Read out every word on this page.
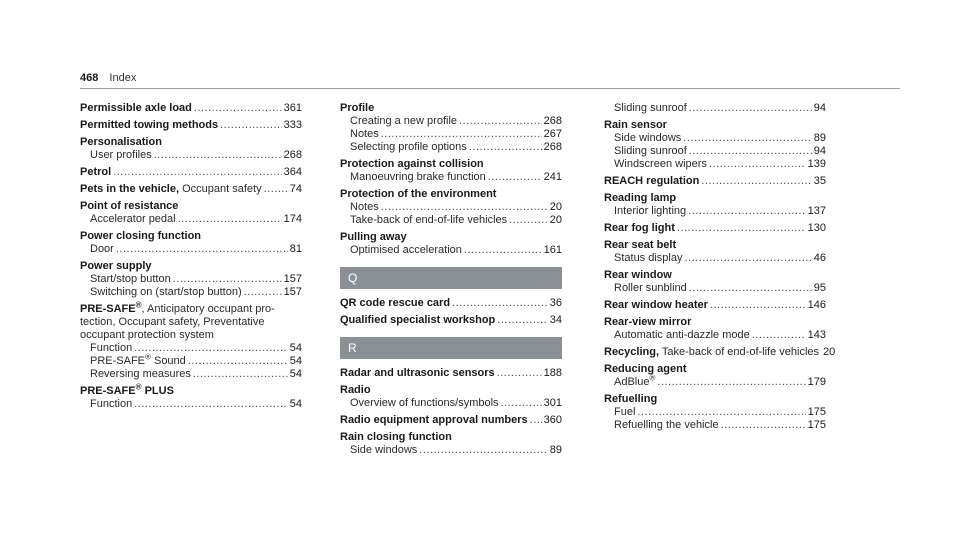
468 Index
Permissible axle load .....	361
Permitted towing methods .....	333
Personalisation
User profiles .....	268
Petrol .....	364
Pets in the vehicle, Occupant safety .....	74
Point of resistance
Accelerator pedal .....	174
Power closing function
Door .....	81
Power supply
Start/stop button .....	157
Switching on (start/stop button) .....	157
PRE-SAFE®, Anticipatory occupant pro-
tection, Occupant safety, Preventative
occupant protection system
Function .....	54
PRE-SAFE® Sound .....	54
Reversing measures .....	54
PRE-SAFE® PLUS
Function .....	54
Profile
Creating a new profile .....	268
Notes .....	267
Selecting profile options .....	268
Protection against collision
Manoeuvring brake function .....	241
Protection of the environment
Notes .....	20
Take-back of end-of-life vehicles .....	20
Pulling away
Optimised acceleration .....	161
Q
QR code rescue card .....	36
Qualified specialist workshop .....	34
R
Radar and ultrasonic sensors .....	188
Radio
Overview of functions/symbols .....	301
Radio equipment approval numbers ..... 360
Rain closing function
Side windows .....	89
Sliding sunroof .....	94
Rain sensor
Side windows .....	89
Sliding sunroof .....	94
Windscreen wipers .....	139
REACH regulation .....	35
Reading lamp
Interior lighting .....	137
Rear fog light .....	130
Rear seat belt
Status display .....	46
Rear window
Roller sunblind .....	95
Rear window heater .....	146
Rear-view mirror
Automatic anti-dazzle mode .....	143
Recycling, Take-back of end-of-life vehicles 20
Reducing agent
AdBlue® .....	179
Refuelling
Fuel .....	175
Refuelling the vehicle .....	175
